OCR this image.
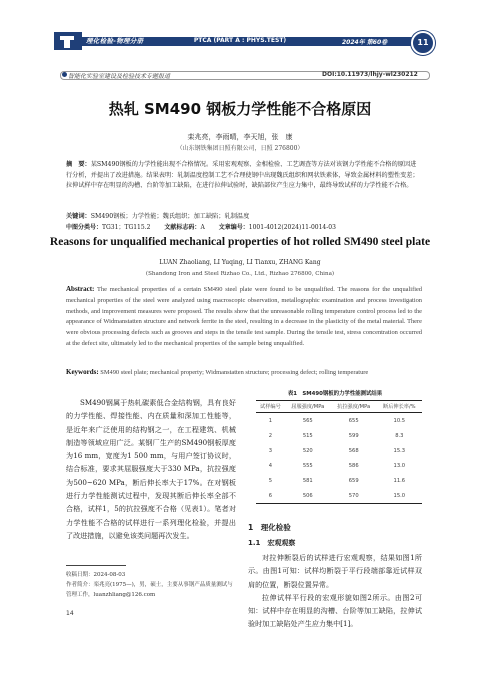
理化检验-物理分册	PTCA (PART A : PHYS.TEST)	2024年 第60卷	11
智能化实验室建设及检验技术专题报道	DOI:10.11973/lhjy-wl230212
热轧 SM490 钢板力学性能不合格原因
栾兆亮，李雨晴，李天旭，张　康
（山东钢铁集团日照有限公司，日照 276800）
摘　要：某SM490钢板的力学性能出现不合格情况。采用宏观观察、金相检验、工艺调查等方法对该钢力学性能不合格的原因进行分析，并提出了改进措施。结果表明：轧制温度控制工艺不合理使钢中出现魏氏组织和网状铁素体，导致金属材料的塑性变差；拉伸试样中存在明显的沟槽、台阶等加工缺陷，在进行拉伸试验时，缺陷部位产生应力集中，最终导致试样的力学性能不合格。
关键词：SM490钢板；力学性能；魏氏组织；加工缺陷；轧制温度
中图分类号：TG31；TG115.2 文献标志码：A 文章编号：1001-4012(2024)11-0014-03
Reasons for unqualified mechanical properties of hot rolled SM490 steel plate
LUAN Zhaoliang, LI Yuqing, LI Tianxu, ZHANG Kang
(Shandong Iron and Steel Rizhao Co., Ltd., Rizhao 276800, China)
Abstract: The mechanical properties of a certain SM490 steel plate were found to be unqualified. The reasons for the unqualified mechanical properties of the steel were analyzed using macroscopic observation, metallographic examination and process investigation methods, and improvement measures were proposed. The results show that the unreasonable rolling temperature control process led to the appearance of Widmanstatten structure and network ferrite in the steel, resulting in a decrease in the plasticity of the metal material. There were obvious processing defects such as grooves and steps in the tensile test sample. During the tensile test, stress concentration occurred at the defect site, ultimately led to the mechanical properties of the sample being unqualified.
Keywords: SM490 steel plate; mechanical property; Widmanstatten structure; processing defect; rolling temperature

SM490钢属于热轧碳素低合金结构钢，具有良好的力学性能、焊接性能、内在质量和深加工性能等，是近年来广泛使用的结构钢之一，在工程建筑、机械制造等领域应用广泛。某钢厂生产的SM490钢板厚度为16 mm，宽度为1 500 mm，与用户签订协议时，结合标准，要求其屈服强度大于330 MPa，抗拉强度为500~620 MPa，断后伸长率大于17%。在对钢板进行力学性能测试过程中，发现其断后伸长率全部不合格，试样1，5的抗拉强度不合格（见表1）。笔者对力学性能不合格的试样进行一系列理化检验，并提出了改进措施，以避免该类问题再次发生。

收稿日期：2024-08-03
作者简介：栾兆亮(1975—)，男，硕士，主要从事钢产品质量测试与管理工作，luanzhliang@126.com
14
表1　SM490钢板的力学性能测试结果
试样编号	屈服强度/MPa	抗拉强度/MPa	断后伸长率/%
1	565	655	10.5
2	515	599	8.3
3	520	568	15.3
4	555	586	13.0
5	581	659	11.6
6	506	570	15.0
1　理化检验
1.1　宏观观察

对拉伸断裂后的试样进行宏观观察，结果如图1所示。由图1可知：试样均断裂于平行段端部靠近试样双肩的位置，断裂位置异常。

拉伸试样平行段的宏观形貌如图2所示。由图2可知：试样中存在明显的沟槽、台阶等加工缺陷，拉伸试验时加工缺陷处产生应力集中[1]。
